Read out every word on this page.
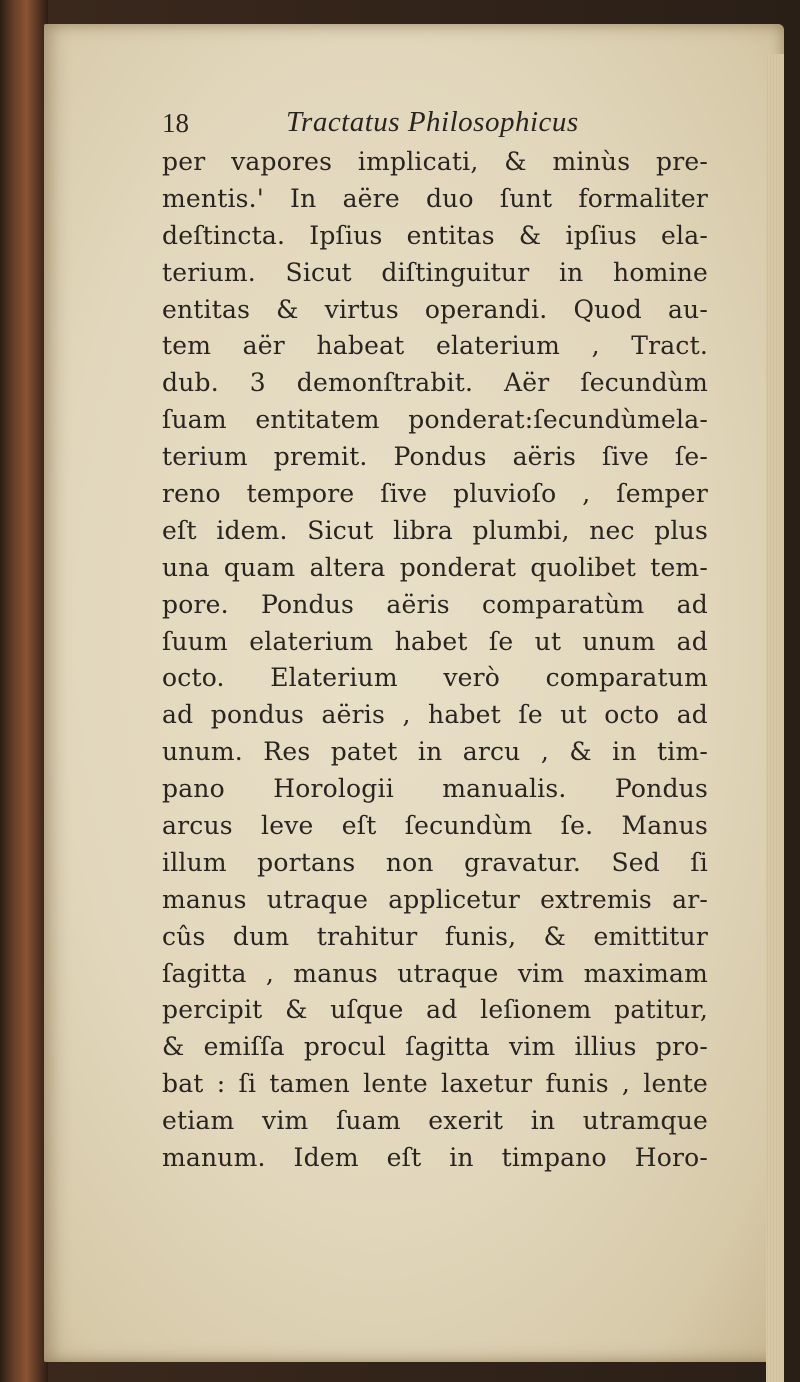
18	Tractatus Philosophicus
per vapores implicati, & minùs pre-
mentis.' In aëre duo ſunt formaliter
deſtincta. Ipſius entitas & ipſius ela-
terium. Sicut diſtinguitur in homine
entitas & virtus operandi. Quod au-
tem aër habeat elaterium , Tract.
dub. 3 demonſtrabit. Aër ſecundùm
ſuam entitatem ponderat:ſecundùmela-
terium premit. Pondus aëris ſive ſe-
reno tempore ſive pluvioſo , ſemper
eſt idem. Sicut libra plumbi, nec plus
una quam altera ponderat quolibet tem-
pore. Pondus aëris comparatùm ad
ſuum elaterium habet ſe ut unum ad
octo. Elaterium verò comparatum
ad pondus aëris , habet ſe ut octo ad
unum. Res patet in arcu , & in tim-
pano Horologii manualis. Pondus
arcus leve eſt ſecundùm ſe. Manus
illum portans non gravatur. Sed ſi
manus utraque applicetur extremis ar-
cûs dum trahitur funis, & emittitur
ſagitta , manus utraque vim maximam
percipit & uſque ad leſionem patitur,
& emiſſa procul ſagitta vim illius pro-
bat : ſi tamen lente laxetur funis , lente
etiam vim ſuam exerit in utramque
manum. Idem eſt in timpano Horo-
